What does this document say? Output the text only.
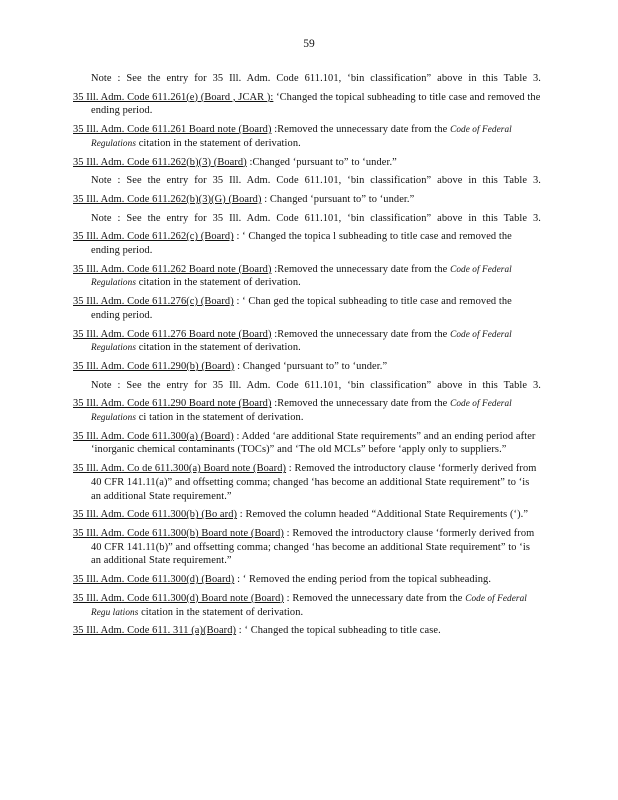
59
Note : See the entry for 35 Ill. Adm. Code 611.101, ‘bin classification” above in this Table 3.
35 Ill. Adm. Code 611.261(e) (Board , JCAR ): ‘Changed the topical subheading to title case and removed the ending period.
35 Ill. Adm. Code 611.261 Board note (Board) :Removed the unnecessary date from the Code of Federal Regulations citation in the statement of derivation.
35 Ill. Adm. Code 611.262(b)(3) (Board) :Changed ‘pursuant to” to ‘under.”
Note : See the entry for 35 Ill. Adm. Code 611.101, ‘bin classification” above in this Table 3.
35 Ill. Adm. Code 611.262(b)(3)(G) (Board) : Changed ‘pursuant to” to ‘under.”
Note : See the entry for 35 Ill. Adm. Code 611.101, ‘bin classification” above in this Table 3.
35 Ill. Adm. Code 611.262(c) (Board) : ‘ Changed the topica l subheading to title case and removed the ending period.
35 Ill. Adm. Code 611.262 Board note (Board) :Removed the unnecessary date from the Code of Federal Regulations citation in the statement of derivation.
35 Ill. Adm. Code 611.276(c) (Board) : ‘ Chan ged the topical subheading to title case and removed the ending period.
35 Ill. Adm. Code 611.276 Board note (Board) :Removed the unnecessary date from the Code of Federal Regulations citation in the statement of derivation.
35 Ill. Adm. Code 611.290(b) (Board) : Changed ‘pursuant to” to ‘under.”
Note : See the entry for 35 Ill. Adm. Code 611.101, ‘bin classification” above in this Table 3.
35 Ill. Adm. Code 611.290 Board note (Board) :Removed the unnecessary date from the Code of Federal Regulations ci tation in the statement of derivation.
35 Ill. Adm. Code 611.300(a) (Board) : Added ‘are additional State requirements” and an ending period after ‘inorganic chemical contaminants (TOCs)” and ‘The old MCLs” before ‘apply only to suppliers.”
35 Ill. Adm. Co de 611.300(a) Board note (Board) : Removed the introductory clause ‘formerly derived from 40 CFR 141.11(a)” and offsetting comma; changed ‘has become an additional State requirement” to ‘is an additional State requirement.”
35 Ill. Adm. Code 611.300(b) (Bo ard) : Removed the column headed “Additional State Requirements (‘).”
35 Ill. Adm. Code 611.300(b) Board note (Board) : Removed the introductory clause ‘formerly derived from 40 CFR 141.11(b)” and offsetting comma; changed ‘has become an additional State requirement” to ‘is an additional State requirement.”
35 Ill. Adm. Code 611.300(d) (Board) : ‘ Removed the ending period from the topical subheading.
35 Ill. Adm. Code 611.300(d) Board note (Board) : Removed the unnecessary date from the Code of Federal Regu lations citation in the statement of derivation.
35 Ill. Adm. Code 611. 311 (a)(Board) : ‘ Changed the topical subheading to title case.
